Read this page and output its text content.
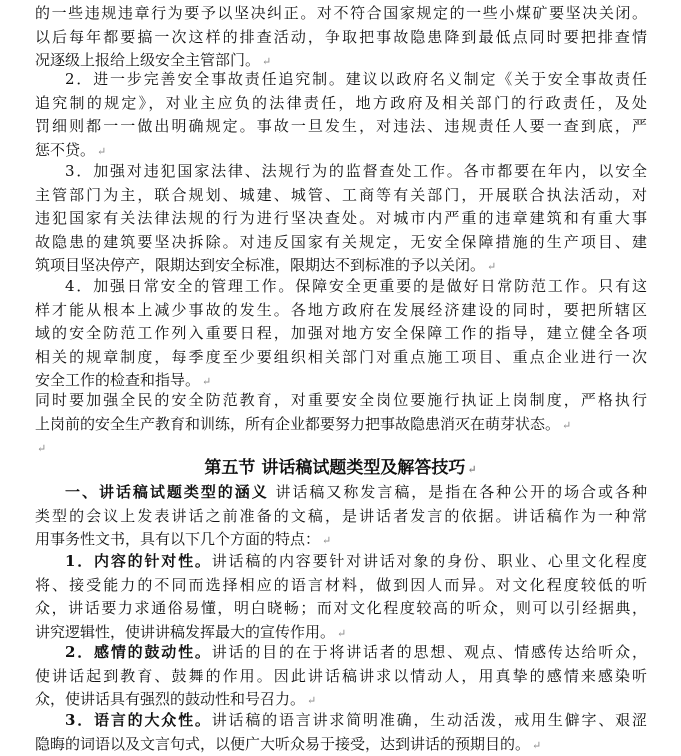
的一些违规违章行为要予以坚决纠正。对不符合国家规定的一些小煤矿要坚决关闭。
以后每年都要搞一次这样的排查活动，争取把事故隐患降到最低点同时要把排查情
况逐级上报给上级安全主管部门。 ↵
2．进一步完善安全事故责任追究制。建议以政府名义制定《关于安全事故责任
追究制的规定》，对业主应负的法律责任，地方政府及相关部门的行政责任，及处
罚细则都一一做出明确规定。事故一旦发生，对违法、违规责任人要一查到底，严
惩不贷。 ↵
3．加强对违犯国家法律、法规行为的监督查处工作。各市都要在年内，以安全
主管部门为主，联合规划、城建、城管、工商等有关部门，开展联合执法活动，对
违犯国家有关法律法规的行为进行坚决查处。对城市内严重的违章建筑和有重大事
故隐患的建筑要坚决拆除。对违反国家有关规定，无安全保障措施的生产项目、建
筑项目坚决停产，限期达到安全标准，限期达不到标准的予以关闭。 ↵
4．加强日常安全的管理工作。保障安全更重要的是做好日常防范工作。只有这
样才能从根本上减少事故的发生。各地方政府在发展经济建设的同时，要把所辖区
域的安全防范工作列入重要日程，加强对地方安全保障工作的指导，建立健全各项
相关的规章制度，每季度至少要组织相关部门对重点施工项目、重点企业进行一次
安全工作的检查和指导。 ↵
同时要加强全民的安全防范教育，对重要安全岗位要施行执证上岗制度，严格执行
上岗前的安全生产教育和训练，所有企业都要努力把事故隐患消灭在萌芽状态。 ↵
↵
第五节 讲话稿试题类型及解答技巧 ↵
一、讲话稿试题类型的涵义 讲话稿又称发言稿，是指在各种公开的场合或各种
类型的会议上发表讲话之前准备的文稿，是讲话者发言的依据。讲话稿作为一种常
用事务性文书，具有以下几个方面的特点： ↵
1．内容的针对性。讲话稿的内容要针对讲话对象的身份、职业、心里文化程度
将、接受能力的不同而选择相应的语言材料，做到因人而异。对文化程度较低的听
众，讲话要力求通俗易懂，明白晓畅；而对文化程度较高的听众，则可以引经据典，
讲究逻辑性，使讲讲稿发挥最大的宣传作用。 ↵
2．感情的鼓动性。讲话的目的在于将讲话者的思想、观点、情感传达给听众，
使讲话起到教育、鼓舞的作用。因此讲话稿讲求以情动人，用真挚的感情来感染听
众，使讲话具有强烈的鼓动性和号召力。 ↵
3．语言的大众性。讲话稿的语言讲求简明准确，生动活泼，戒用生僻字、艰涩
隐晦的词语以及文言句式，以便广大听众易于接受，达到讲话的预期目的。 ↵
